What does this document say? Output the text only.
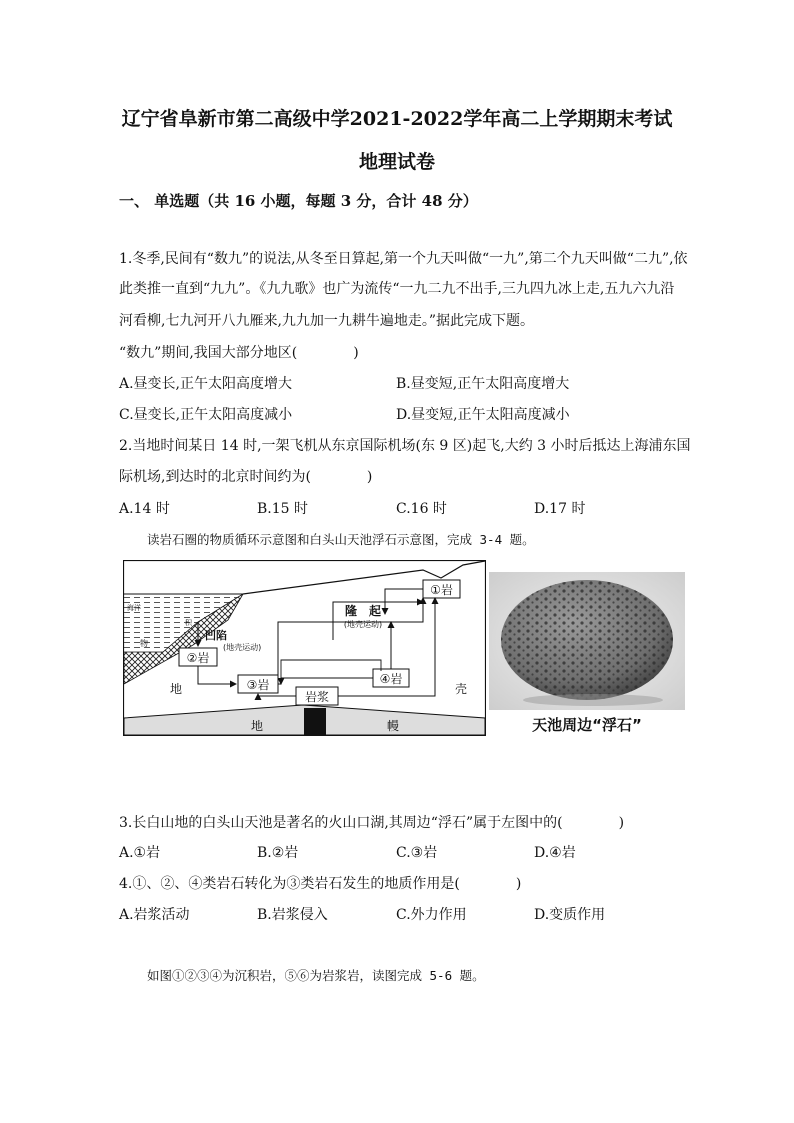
辽宁省阜新市第二高级中学2021-2022学年高二上学期期末考试
地理试卷
一、 单选题（共 16 小题，每题 3 分，合计 48 分）
1.冬季,民间有“数九”的说法,从冬至日算起,第一个九天叫做“一九”,第二个九天叫做“二九”,依
此类推一直到“九九”。《九九歌》也广为流传“一九二九不出手,三九四九冰上走,五九六九沿
河看柳,七九河开八九雁来,九九加一九耕牛遍地走。”据此完成下题。
“数九”期间,我国大部分地区(　　　　)
A.昼变长,正午太阳高度增大	B.昼变短,正午太阳高度增大
C.昼变长,正午太阳高度减小	D.昼变短,正午太阳高度减小
2.当地时间某日 14 时,一架飞机从东京国际机场(东 9 区)起飞,大约 3 小时后抵达上海浦东国
际机场,到达时的北京时间约为(　　　　)
A.14 时	B.15 时	C.16 时	D.17 时
读岩石圈的物质循环示意图和白头山天池浮石示意图，完成 3-4 题。
①岩
②岩
③岩	④岩
岩浆
隆　起
(地壳运动)
凹陷
(地壳运动)
地	壳
地	幔
海洋
物
积
天池周边“浮石”
3.长白山地的白头山天池是著名的火山口湖,其周边“浮石”属于左图中的(　　　　)
A.①岩	B.②岩	C.③岩	D.④岩
4.①、②、④类岩石转化为③类岩石发生的地质作用是(　　　　)
A.岩浆活动	B.岩浆侵入	C.外力作用	D.变质作用
如图①②③④为沉积岩，⑤⑥为岩浆岩，读图完成 5-6 题。
